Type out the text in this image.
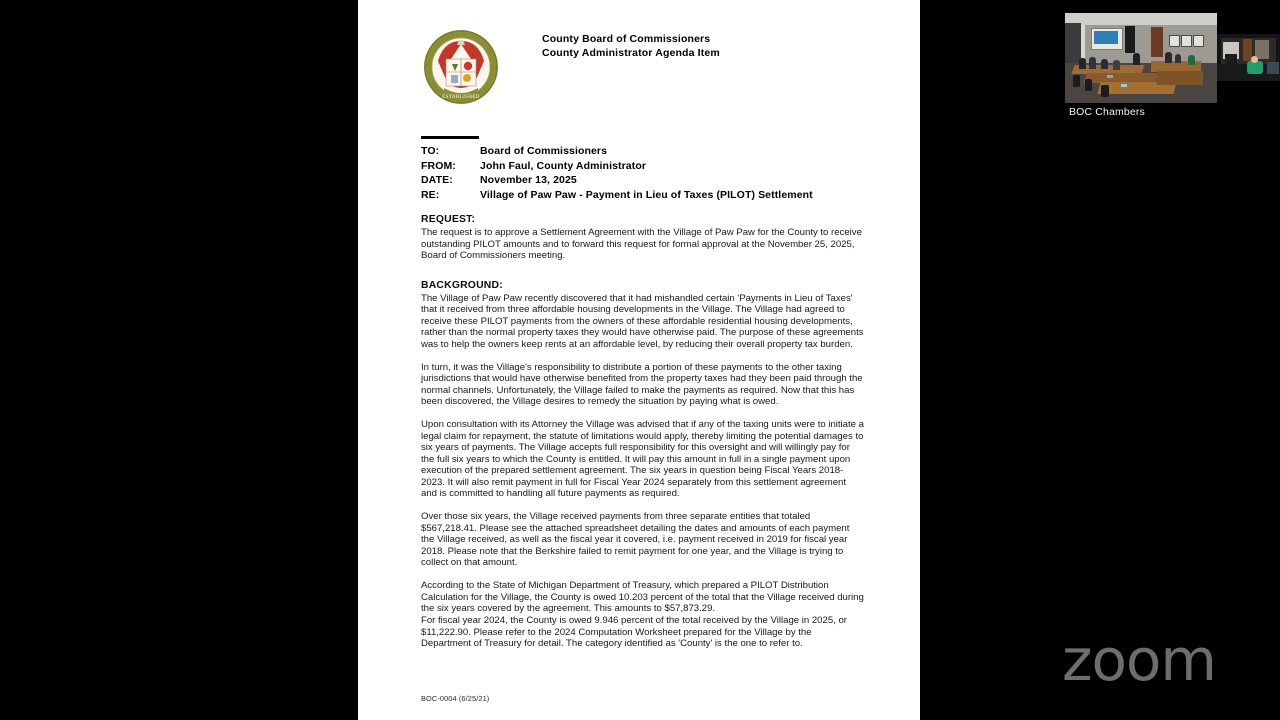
ESTABLISHED
County Board of Commissioners
County Administrator Agenda Item
TO:	Board of Commissioners
FROM:	John Faul, County Administrator
DATE:	November 13, 2025
RE:	Village of Paw Paw - Payment in Lieu of Taxes (PILOT) Settlement
REQUEST:

The request is to approve a Settlement Agreement with the Village of Paw Paw for the County to receive outstanding PILOT amounts and to forward this request for formal approval at the November 25, 2025, Board of Commissioners meeting.

BACKGROUND:

The Village of Paw Paw recently discovered that it had mishandled certain 'Payments in Lieu of Taxes' that it received from three affordable housing developments in the Village. The Village had agreed to receive these PILOT payments from the owners of these affordable residential housing developments, rather than the normal property taxes they would have otherwise paid. The purpose of these agreements was to help the owners keep rents at an affordable level, by reducing their overall property tax burden.

In turn, it was the Village's responsibility to distribute a portion of these payments to the other taxing jurisdictions that would have otherwise benefited from the property taxes had they been paid through the normal channels. Unfortunately, the Village failed to make the payments as required. Now that this has been discovered, the Village desires to remedy the situation by paying what is owed.

Upon consultation with its Attorney the Village was advised that if any of the taxing units were to initiate a legal claim for repayment, the statute of limitations would apply, thereby limiting the potential damages to six years of payments. The Village accepts full responsibility for this oversight and will willingly pay for the full six years to which the County is entitled. It will pay this amount in full in a single payment upon execution of the prepared settlement agreement. The six years in question being Fiscal Years 2018-2023. It will also remit payment in full for Fiscal Year 2024 separately from this settlement agreement and is committed to handling all future payments as required.

Over those six years, the Village received payments from three separate entities that totaled $567,218.41. Please see the attached spreadsheet detailing the dates and amounts of each payment the Village received, as well as the fiscal year it covered, i.e. payment received in 2019 for fiscal year 2018. Please note that the Berkshire failed to remit payment for one year, and the Village is trying to collect on that amount.

According to the State of Michigan Department of Treasury, which prepared a PILOT Distribution Calculation for the Village, the County is owed 10.203 percent of the total that the Village received during the six years covered by the agreement. This amounts to $57,873.29.

For fiscal year 2024, the County is owed 9.946 percent of the total received by the Village in 2025, or $11,222.90. Please refer to the 2024 Computation Worksheet prepared for the Village by the Department of Treasury for detail. The category identified as 'County' is the one to refer to.

BOC-0004 (6/25/21)
BOC Chambers
zoom
